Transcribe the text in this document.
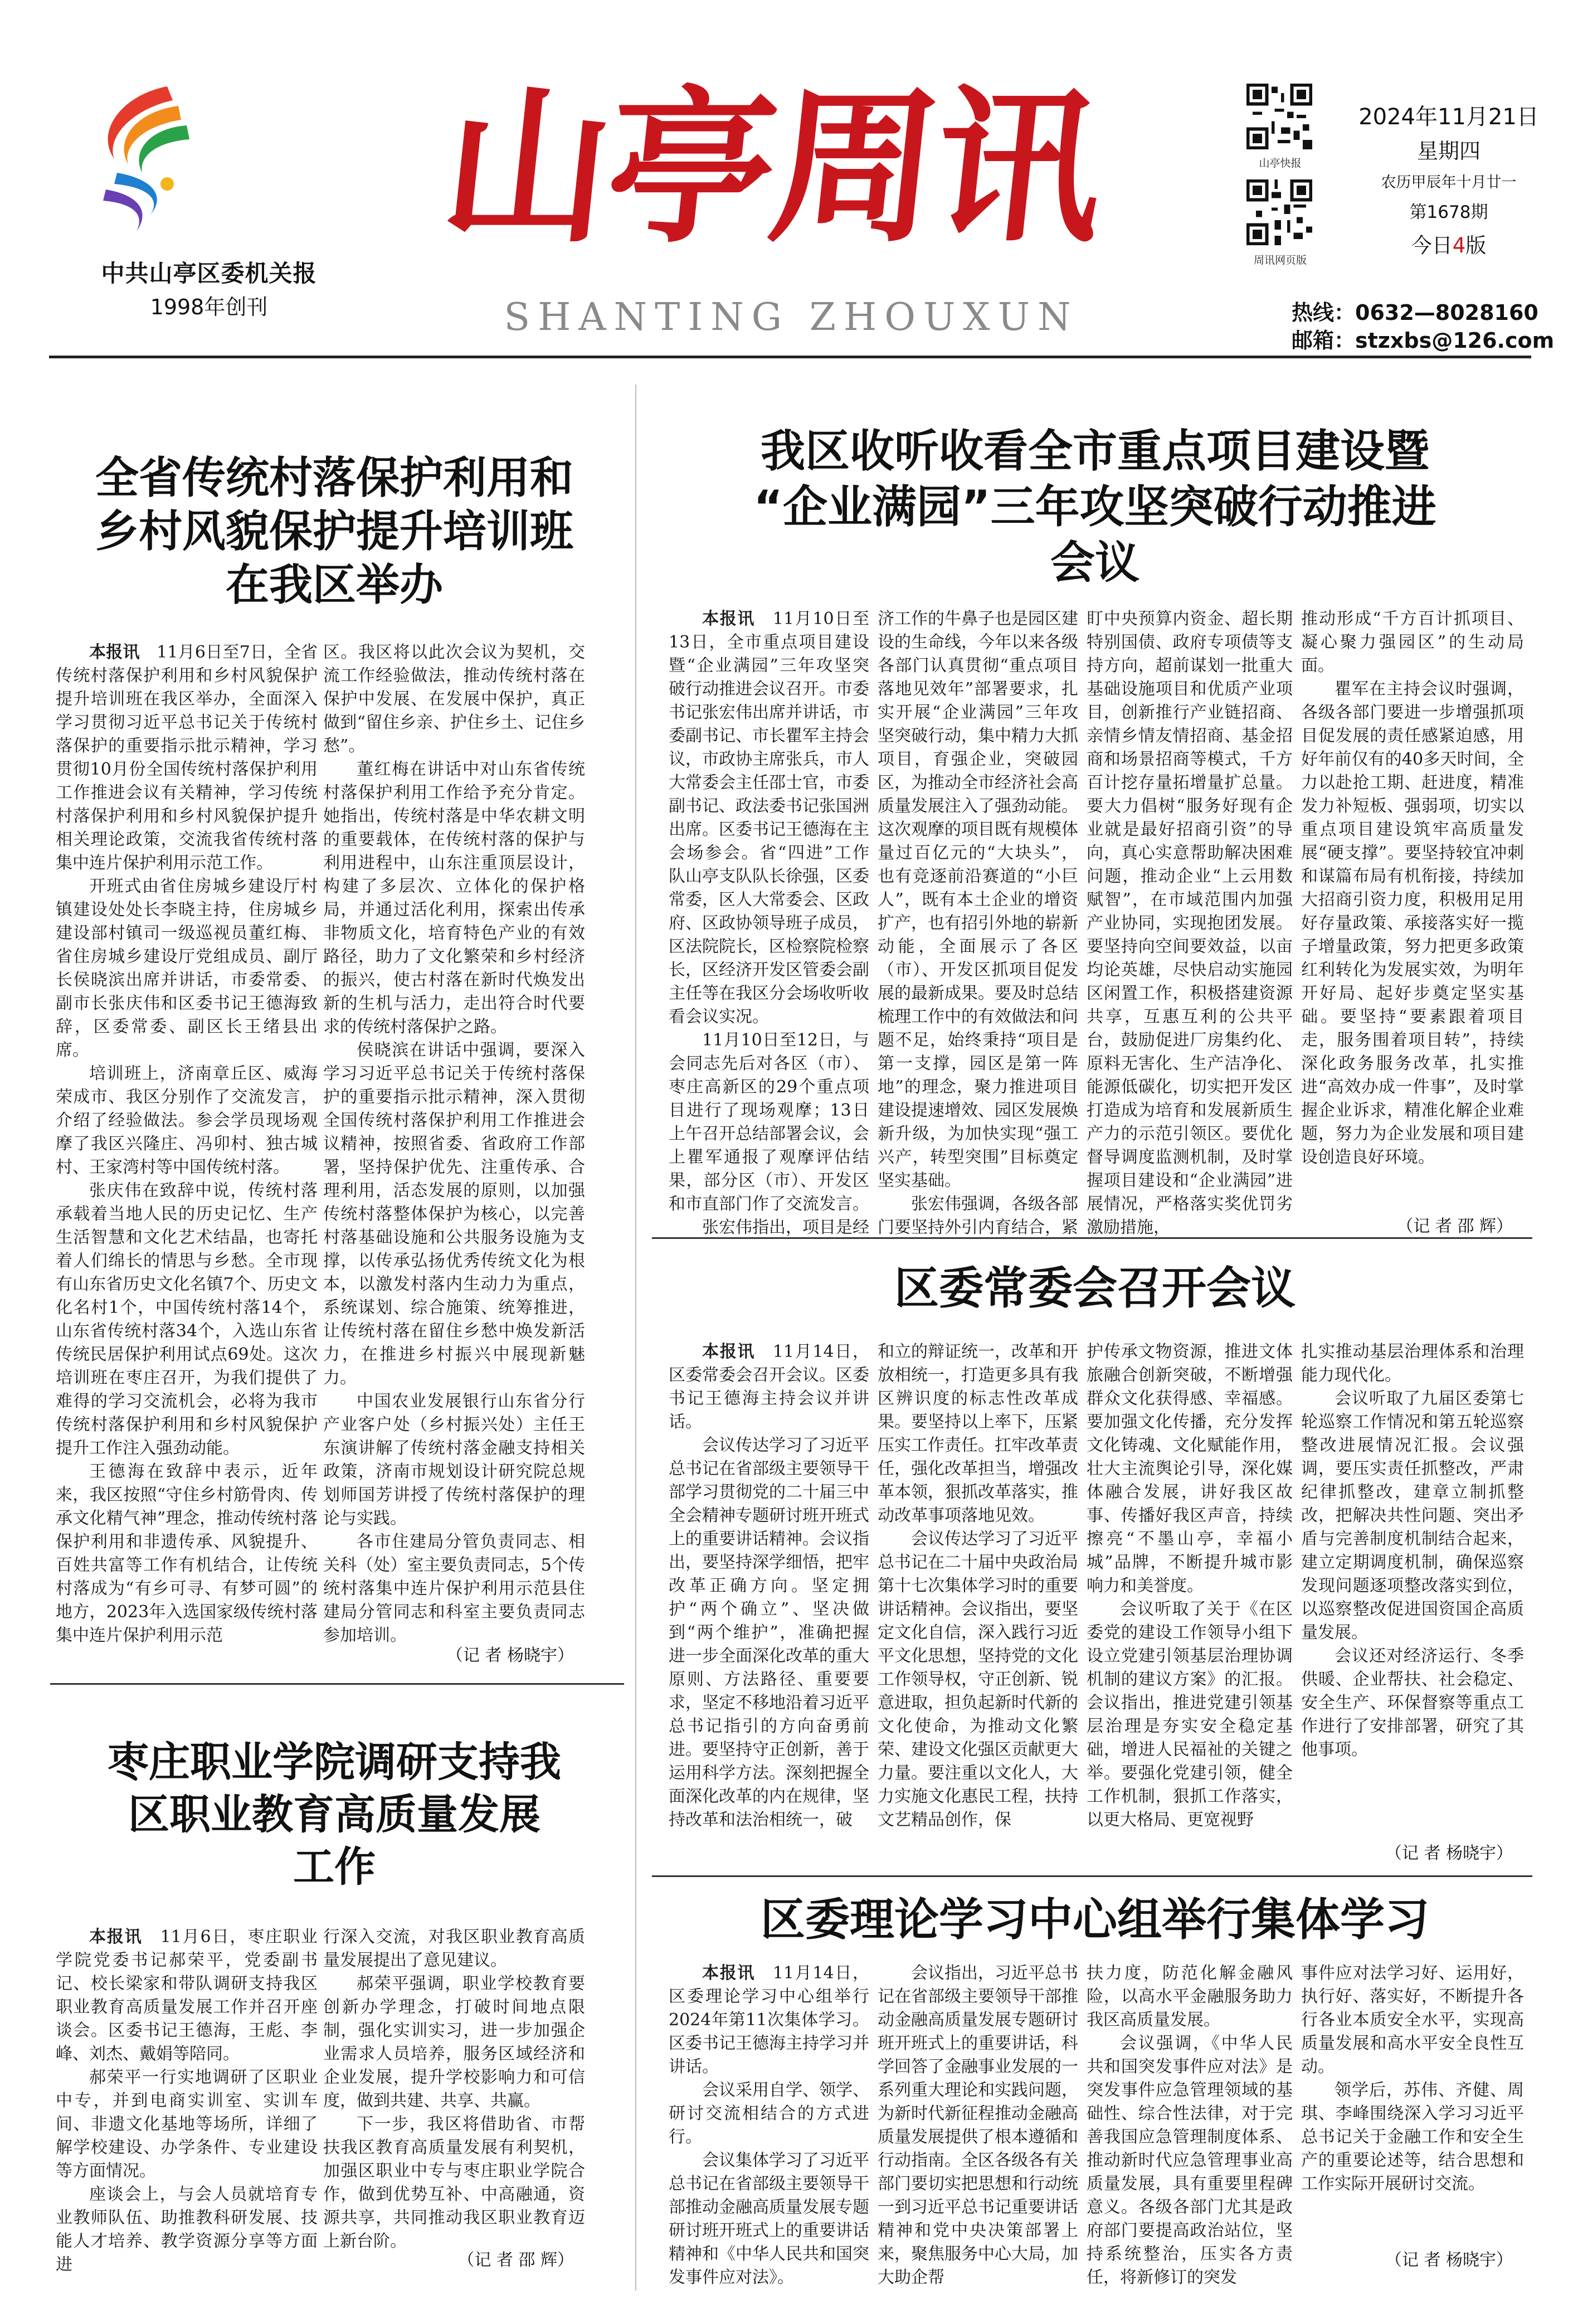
中共山亭区委机关报
1998年创刊
山亭周讯
SHANTING ZHOUXUN
山亭快报
周讯网页版
2024年11月21日
星期四
农历甲辰年十月廿一
第1678期
今日4版
热线：0632—8028160
邮箱：stzxbs@126.com
全省传统村落保护利用和
乡村风貌保护提升培训班
在我区举办

本报讯　 11月6日至7日，全省传统村落保护利用和乡村风貌保护提升培训班在我区举办，全面深入学习贯彻习近平总书记关于传统村落保护的重要指示批示精神，学习贯彻10月份全国传统村落保护利用工作推进会议有关精神，学习传统村落保护利用和乡村风貌保护提升相关理论政策，交流我省传统村落集中连片保护利用示范工作。

开班式由省住房城乡建设厅村镇建设处处长李晓主持，住房城乡建设部村镇司一级巡视员董红梅、省住房城乡建设厅党组成员、副厅长侯晓滨出席并讲话，市委常委、副市长张庆伟和区委书记王德海致辞，区委常委、副区长王绪县出席。

培训班上，济南章丘区、威海荣成市、我区分别作了交流发言，介绍了经验做法。参会学员现场观摩了我区兴隆庄、冯卯村、独古城村、王家湾村等中国传统村落。

张庆伟在致辞中说，传统村落承载着当地人民的历史记忆、生产生活智慧和文化艺术结晶，也寄托着人们绵长的情思与乡愁。全市现有山东省历史文化名镇7个、历史文化名村1个，中国传统村落14个，山东省传统村落34个，入选山东省传统民居保护利用试点69处。这次培训班在枣庄召开，为我们提供了难得的学习交流机会，必将为我市传统村落保护利用和乡村风貌保护提升工作注入强劲动能。

王德海在致辞中表示，近年来，我区按照“守住乡村筋骨肉、传承文化精气神”理念，推动传统村落保护利用和非遗传承、风貌提升、百姓共富等工作有机结合，让传统村落成为“有乡可寻、有梦可圆”的地方，2023年入选国家级传统村落集中连片保护利用示范

区。我区将以此次会议为契机，交流工作经验做法，推动传统村落在保护中发展、在发展中保护，真正做到“留住乡亲、护住乡土、记住乡愁”。

董红梅在讲话中对山东省传统村落保护利用工作给予充分肯定。她指出，传统村落是中华农耕文明的重要载体，在传统村落的保护与利用进程中，山东注重顶层设计，构建了多层次、立体化的保护格局，并通过活化利用，探索出传承非物质文化，培育特色产业的有效路径，助力了文化繁荣和乡村经济的振兴，使古村落在新时代焕发出新的生机与活力，走出符合时代要求的传统村落保护之路。

侯晓滨在讲话中强调，要深入学习习近平总书记关于传统村落保护的重要指示批示精神，深入贯彻全国传统村落保护利用工作推进会议精神，按照省委、省政府工作部署，坚持保护优先、注重传承、合理利用，活态发展的原则，以加强传统村落整体保护为核心，以完善村落基础设施和公共服务设施为支撑，以传承弘扬优秀传统文化为根本，以激发村落内生动力为重点，系统谋划、综合施策、统筹推进，让传统村落在留住乡愁中焕发新活力，在推进乡村振兴中展现新魅力。

中国农业发展银行山东省分行产业客户处（乡村振兴处）主任王东演讲解了传统村落金融支持相关政策，济南市规划设计研究院总规划师国芳讲授了传统村落保护的理论与实践。

各市住建局分管负责同志、相关科（处）室主要负责同志，5个传统村落集中连片保护利用示范县住建局分管同志和科室主要负责同志参加培训。

（记 者 杨晓宇）
枣庄职业学院调研支持我
区职业教育高质量发展
工作

本报讯　 11月6日，枣庄职业学院党委书记郝荣平，党委副书记、校长梁家和带队调研支持我区职业教育高质量发展工作并召开座谈会。区委书记王德海，王彪、李峰、刘杰、戴娟等陪同。

郝荣平一行实地调研了区职业中专，并到电商实训室、实训车间、非遗文化基地等场所，详细了解学校建设、办学条件、专业建设等方面情况。

座谈会上，与会人员就培育专业教师队伍、助推教科研发展、技能人才培养、教学资源分享等方面进

行深入交流，对我区职业教育高质量发展提出了意见建议。

郝荣平强调，职业学校教育要创新办学理念，打破时间地点限制，强化实训实习，进一步加强企业需求人员培养，服务区域经济和企业发展，提升学校影响力和可信度，做到共建、共享、共赢。

下一步，我区将借助省、市帮扶我区教育高质量发展有利契机，加强区职业中专与枣庄职业学院合作，做到优势互补、中高融通，资源共享，共同推动我区职业教育迈上新台阶。

（记 者 邵 辉）
我区收听收看全市重点项目建设暨
“企业满园”三年攻坚突破行动推进
会议

本报讯　 11月10日至13日，全市重点项目建设暨“企业满园”三年攻坚突破行动推进会议召开。市委书记张宏伟出席并讲话，市委副书记、市长瞿军主持会议，市政协主席张兵，市人大常委会主任邵士官，市委副书记、政法委书记张国洲出席。区委书记王德海在主会场参会。省“四进”工作队山亭支队队长徐强，区委常委，区人大常委会、区政府、区政协领导班子成员，区法院院长，区检察院检察长，区经济开发区管委会副主任等在我区分会场收听收看会议实况。

11月10日至12日，与会同志先后对各区（市）、枣庄高新区的29个重点项目进行了现场观摩；13日上午召开总结部署会议，会上瞿军通报了观摩评估结果，部分区（市）、开发区和市直部门作了交流发言。

张宏伟指出，项目是经

济工作的牛鼻子也是园区建设的生命线，今年以来各级各部门认真贯彻“重点项目落地见效年”部署要求，扎实开展“企业满园”三年攻坚突破行动，集中精力大抓项目，育强企业，突破园区，为推动全市经济社会高质量发展注入了强劲动能。这次观摩的项目既有规模体量过百亿元的“大块头”，也有竞逐前沿赛道的“小巨人”，既有本土企业的增资扩产，也有招引外地的崭新动能，全面展示了各区（市）、开发区抓项目促发展的最新成果。要及时总结梳理工作中的有效做法和问题不足，始终秉持“项目是第一支撑，园区是第一阵地”的理念，聚力推进项目建设提速增效、园区发展焕新升级，为加快实现“强工兴产，转型突围”目标奠定坚实基础。

张宏伟强调，各级各部门要坚持外引内育结合，紧

盯中央预算内资金、超长期特别国债、政府专项债等支持方向，超前谋划一批重大基础设施项目和优质产业项目，创新推行产业链招商、亲情乡情友情招商、基金招商和场景招商等模式，千方百计挖存量拓增量扩总量。要大力倡树“服务好现有企业就是最好招商引资”的导向，真心实意帮助解决困难问题，推动企业“上云用数赋智”，在市域范围内加强产业协同，实现抱团发展。要坚持向空间要效益，以亩均论英雄，尽快启动实施园区闲置工作，积极搭建资源共享，互惠互利的公共平台，鼓励促进厂房集约化、原料无害化、生产洁净化、能源低碳化，切实把开发区打造成为培育和发展新质生产力的示范引领区。要优化督导调度监测机制，及时掌握项目建设和“企业满园”进展情况，严格落实奖优罚劣激励措施，

推动形成“千方百计抓项目、凝心聚力强园区”的生动局面。

瞿军在主持会议时强调，各级各部门要进一步增强抓项目促发展的责任感紧迫感，用好年前仅有的40多天时间，全力以赴抢工期、赶进度，精准发力补短板、强弱项，切实以重点项目建设筑牢高质量发展“硬支撑”。要坚持较宜冲刺和谋篇布局有机衔接，持续加大招商引资力度，积极用足用好存量政策、承接落实好一揽子增量政策，努力把更多政策红利转化为发展实效，为明年开好局、起好步奠定坚实基础。要坚持“要素跟着项目走，服务围着项目转”，持续深化政务服务改革，扎实推进“高效办成一件事”，及时掌握企业诉求，精准化解企业难题，努力为企业发展和项目建设创造良好环境。

（记 者 邵 辉）
区委常委会召开会议

本报讯　 11月14日，区委常委会召开会议。区委书记王德海主持会议并讲话。

会议传达学习了习近平总书记在省部级主要领导干部学习贯彻党的二十届三中全会精神专题研讨班开班式上的重要讲话精神。会议指出，要坚持深学细悟，把牢改革正确方向。坚定拥护“两个确立”、坚决做到“两个维护”，准确把握进一步全面深化改革的重大原则、方法路径、重要要求，坚定不移地沿着习近平总书记指引的方向奋勇前进。要坚持守正创新，善于运用科学方法。深刻把握全面深化改革的内在规律，坚持改革和法治相统一，破

和立的辩证统一，改革和开放相统一，打造更多具有我区辨识度的标志性改革成果。要坚持以上率下，压紧压实工作责任。扛牢改革责任，强化改革担当，增强改革本领，狠抓改革落实，推动改革事项落地见效。

会议传达学习了习近平总书记在二十届中央政治局第十七次集体学习时的重要讲话精神。会议指出，要坚定文化自信，深入践行习近平文化思想，坚持党的文化工作领导权，守正创新、锐意进取，担负起新时代新的文化使命，为推动文化繁荣、建设文化强区贡献更大力量。要注重以文化人，大力实施文化惠民工程，扶持文艺精品创作，保

护传承文物资源，推进文体旅融合创新突破，不断增强群众文化获得感、幸福感。要加强文化传播，充分发挥文化铸魂、文化赋能作用，壮大主流舆论引导，深化媒体融合发展，讲好我区故事、传播好我区声音，持续擦亮“不墨山亭，幸福小城”品牌，不断提升城市影响力和美誉度。

会议听取了关于《在区委党的建设工作领导小组下设立党建引领基层治理协调机制的建议方案》的汇报。会议指出，推进党建引领基层治理是夯实安全稳定基础，增进人民福祉的关键之举。要强化党建引领，健全工作机制，狠抓工作落实，以更大格局、更宽视野

扎实推动基层治理体系和治理能力现代化。

会议听取了九届区委第七轮巡察工作情况和第五轮巡察整改进展情况汇报。会议强调，要压实责任抓整改，严肃纪律抓整改，建章立制抓整改，把解决共性问题、突出矛盾与完善制度机制结合起来，建立定期调度机制，确保巡察发现问题逐项整改落实到位，以巡察整改促进国资国企高质量发展。

会议还对经济运行、冬季供暖、企业帮扶、社会稳定、安全生产、环保督察等重点工作进行了安排部署，研究了其他事项。

（记 者 杨晓宇）
区委理论学习中心组举行集体学习

本报讯　 11月14日，区委理论学习中心组举行2024年第11次集体学习。区委书记王德海主持学习并讲话。

会议采用自学、领学、研讨交流相结合的方式进行。

会议集体学习了习近平总书记在省部级主要领导干部推动金融高质量发展专题研讨班开班式上的重要讲话精神和《中华人民共和国突发事件应对法》。

会议指出，习近平总书记在省部级主要领导干部推动金融高质量发展专题研讨班开班式上的重要讲话，科学回答了金融事业发展的一系列重大理论和实践问题，为新时代新征程推动金融高质量发展提供了根本遵循和行动指南。全区各级各有关部门要切实把思想和行动统一到习近平总书记重要讲话精神和党中央决策部署上来，聚焦服务中心大局，加大助企帮

扶力度，防范化解金融风险，以高水平金融服务助力我区高质量发展。

会议强调，《中华人民共和国突发事件应对法》是突发事件应急管理领域的基础性、综合性法律，对于完善我国应急管理制度体系、推动新时代应急管理事业高质量发展，具有重要里程碑意义。各级各部门尤其是政府部门要提高政治站位，坚持系统整治，压实各方责任，将新修订的突发

事件应对法学习好、运用好，执行好、落实好，不断提升各行各业本质安全水平，实现高质量发展和高水平安全良性互动。

领学后，苏伟、齐健、周琪、李峰围绕深入学习习近平总书记关于金融工作和安全生产的重要论述等，结合思想和工作实际开展研讨交流。

（记 者 杨晓宇）
